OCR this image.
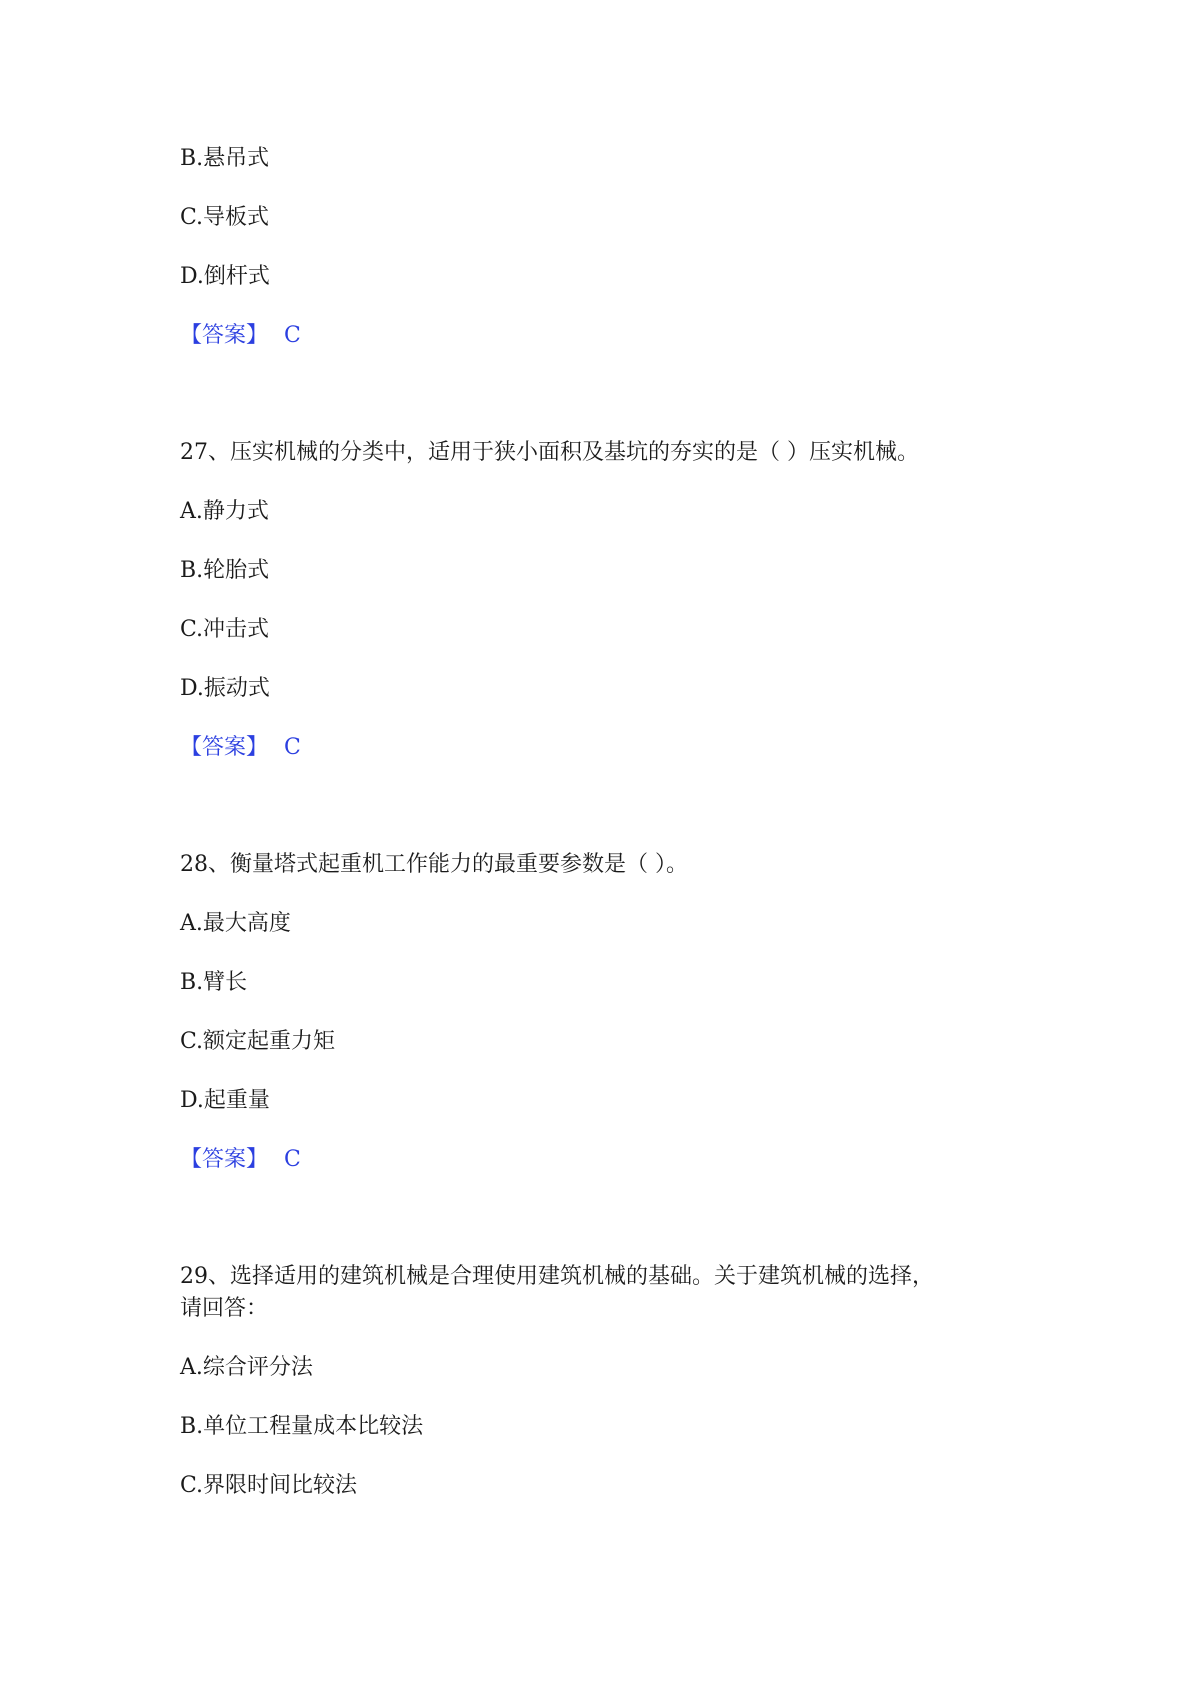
B.悬吊式
C.导板式
D.倒杆式
【答案】 C
27、压实机械的分类中，适用于狭小面积及基坑的夯实的是（ ）压实机械。
A.静力式
B.轮胎式
C.冲击式
D.振动式
【答案】 C
28、衡量塔式起重机工作能力的最重要参数是（ ）。
A.最大高度
B.臂长
C.额定起重力矩
D.起重量
【答案】 C
29、选择适用的建筑机械是合理使用建筑机械的基础。关于建筑机械的选择，
请回答：
A.综合评分法
B.单位工程量成本比较法
C.界限时间比较法
